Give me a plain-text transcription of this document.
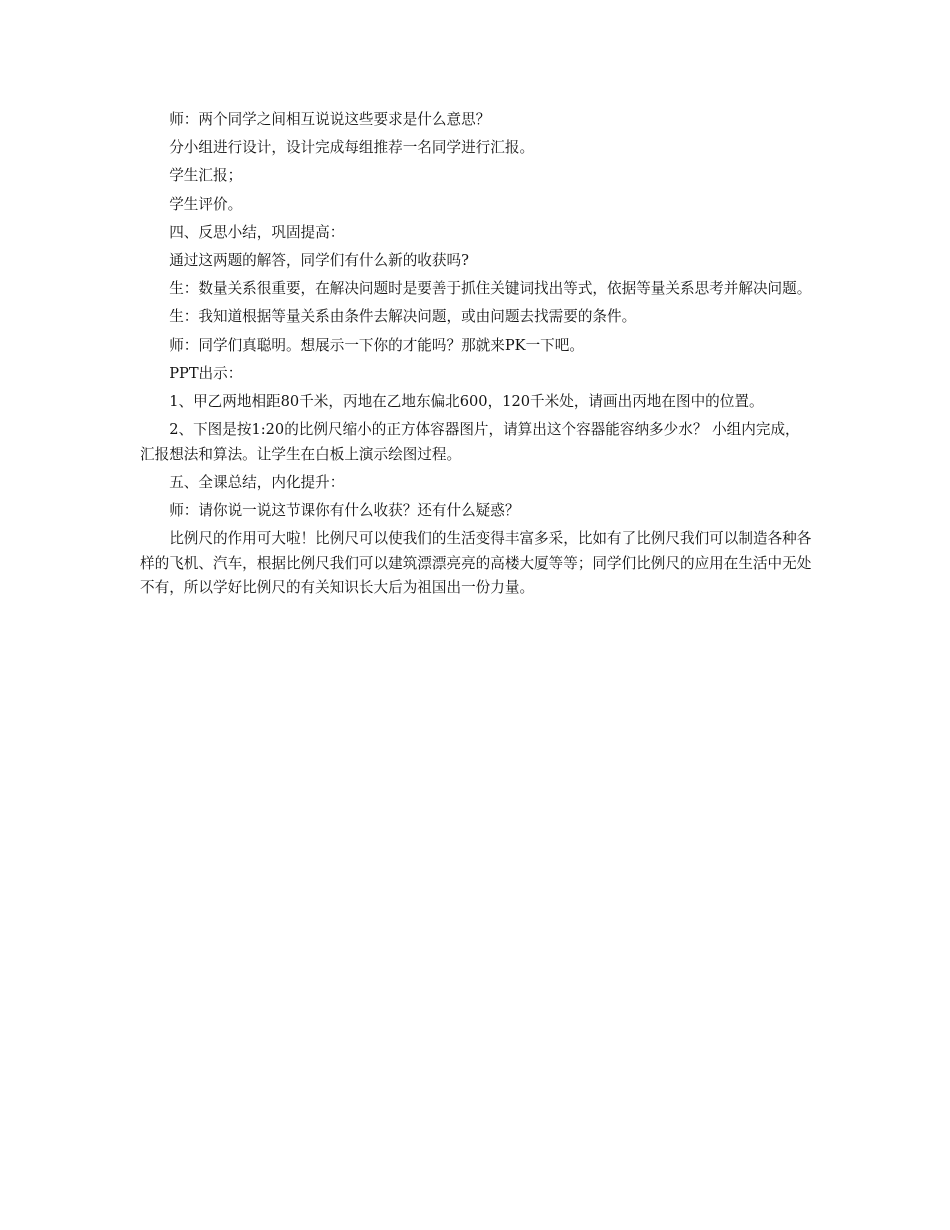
师：两个同学之间相互说说这些要求是什么意思？

分小组进行设计，设计完成每组推荐一名同学进行汇报。

学生汇报；

学生评价。

四、反思小结，巩固提高：

通过这两题的解答，同学们有什么新的收获吗?

生：数量关系很重要，在解决问题时是要善于抓住关键词找出等式，依据等量关系思考并解决问题。

生：我知道根据等量关系由条件去解决问题，或由问题去找需要的条件。

师：同学们真聪明。想展示一下你的才能吗？那就来PK一下吧。

PPT出示：

1、甲乙两地相距80千米，丙地在乙地东偏北600，120千米处，请画出丙地在图中的位置。

2、下图是按1:20的比例尺缩小的正方体容器图片，请算出这个容器能容纳多少水？ 小组内完成，汇报想法和算法。让学生在白板上演示绘图过程。

五、全课总结，内化提升：

师：请你说一说这节课你有什么收获？还有什么疑惑？

比例尺的作用可大啦！比例尺可以使我们的生活变得丰富多采，比如有了比例尺我们可以制造各种各样的飞机、汽车，根据比例尺我们可以建筑漂漂亮亮的高楼大厦等等；同学们比例尺的应用在生活中无处不有，所以学好比例尺的有关知识长大后为祖国出一份力量。
